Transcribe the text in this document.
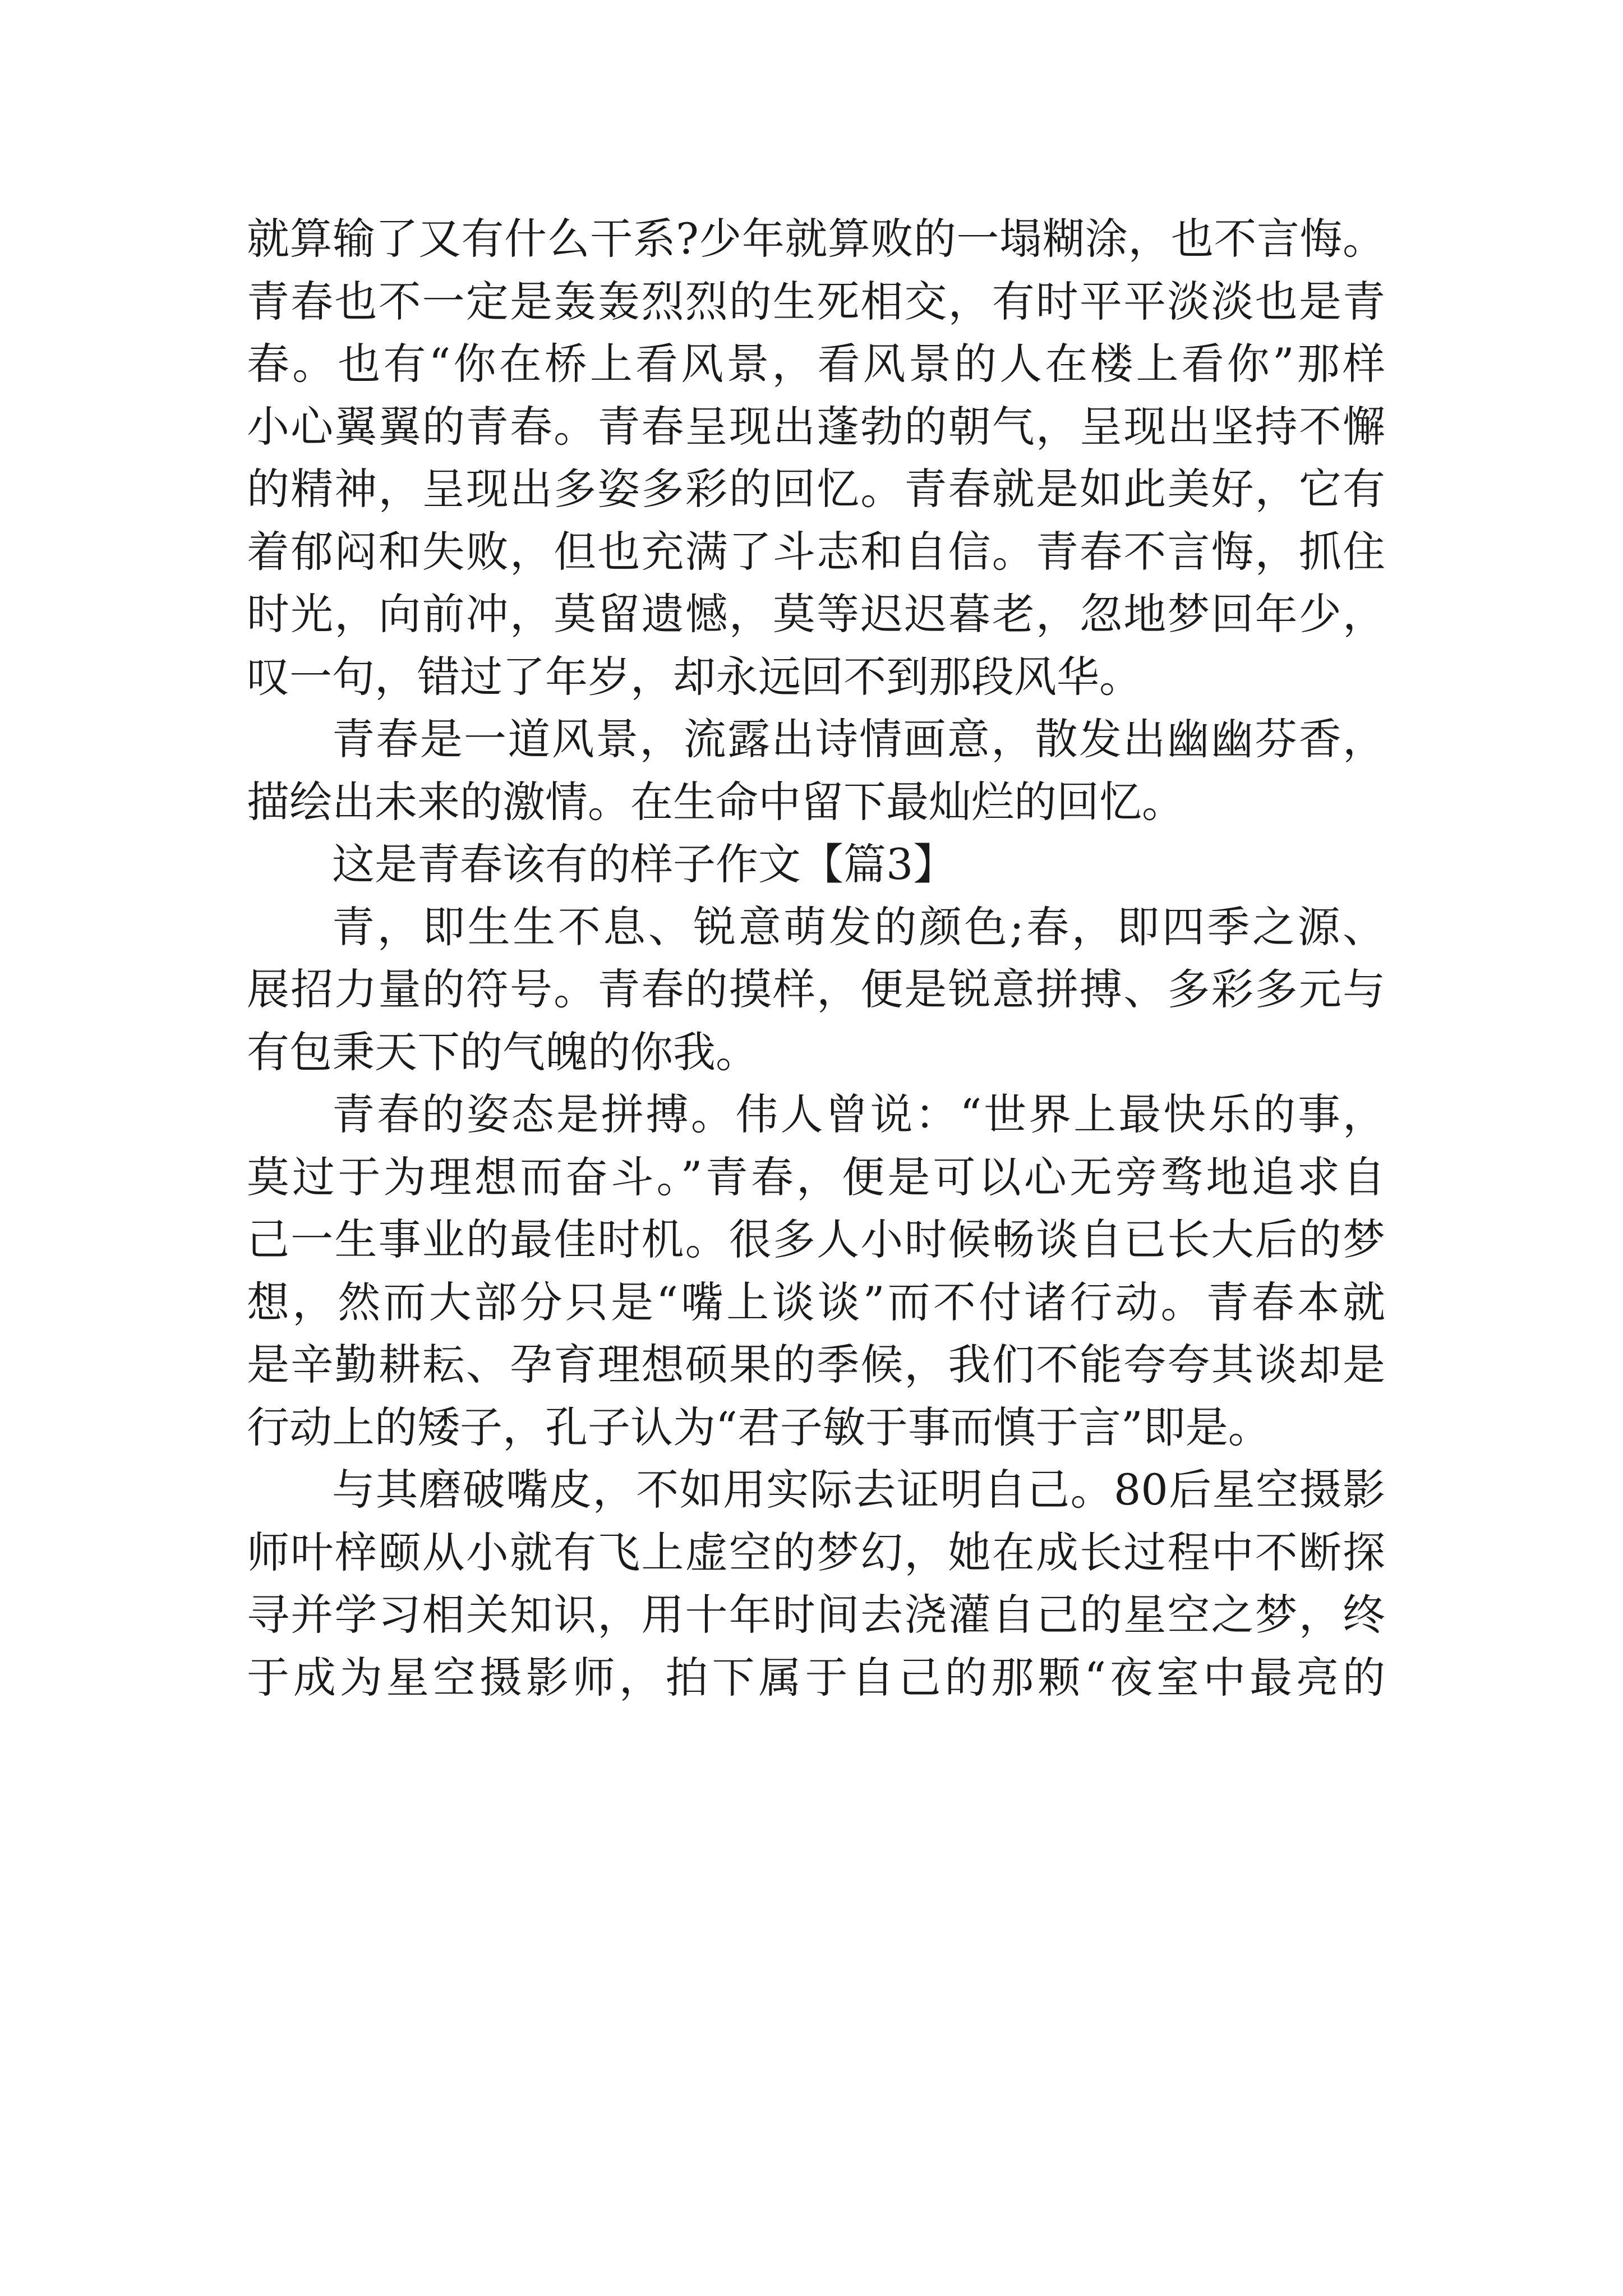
就算输了又有什么干系?少年就算败的一塌糊涂，也不言悔。
青春也不一定是轰轰烈烈的生死相交，有时平平淡淡也是青
春。也有“你在桥上看风景，看风景的人在楼上看你”那样
小心翼翼的青春。青春呈现出蓬勃的朝气，呈现出坚持不懈
的精神，呈现出多姿多彩的回忆。青春就是如此美好，它有
着郁闷和失败，但也充满了斗志和自信。青春不言悔，抓住
时光，向前冲，莫留遗憾，莫等迟迟暮老，忽地梦回年少，
叹一句，错过了年岁，却永远回不到那段风华。
青春是一道风景，流露出诗情画意，散发出幽幽芬香，
描绘出未来的激情。在生命中留下最灿烂的回忆。
这是青春该有的样子作文【篇3】
青，即生生不息、锐意萌发的颜色;春，即四季之源、
展招力量的符号。青春的摸样，便是锐意拼搏、多彩多元与
有包秉天下的气魄的你我。
青春的姿态是拼搏。伟人曾说：“世界上最快乐的事，
莫过于为理想而奋斗。”青春，便是可以心无旁骛地追求自
己一生事业的最佳时机。很多人小时候畅谈自已长大后的梦
想，然而大部分只是“嘴上谈谈”而不付诸行动。青春本就
是辛勤耕耘、孕育理想硕果的季候，我们不能夸夸其谈却是
行动上的矮子，孔子认为“君子敏于事而慎于言”即是。
与其磨破嘴皮，不如用实际去证明自己。80后星空摄影
师叶梓颐从小就有飞上虚空的梦幻，她在成长过程中不断探
寻并学习相关知识，用十年时间去浇灌自己的星空之梦，终
于成为星空摄影师，拍下属于自己的那颗“夜室中最亮的
